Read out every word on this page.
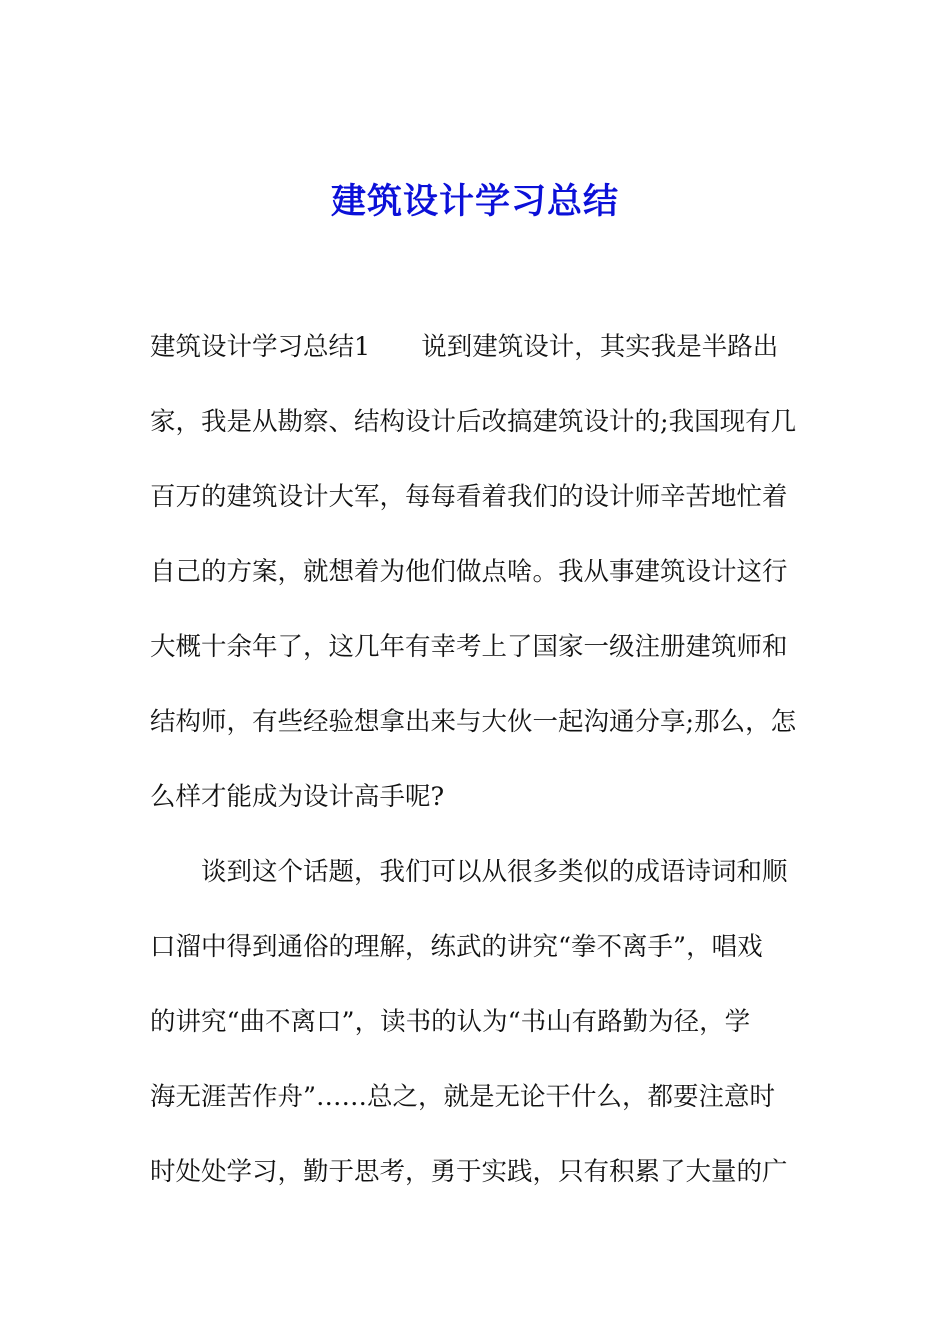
建筑设计学习总结

建筑设计学习总结1　　说到建筑设计，其实我是半路出

家，我是从勘察、结构设计后改搞建筑设计的;我国现有几

百万的建筑设计大军，每每看着我们的设计师辛苦地忙着

自己的方案，就想着为他们做点啥。我从事建筑设计这行

大概十余年了，这几年有幸考上了国家一级注册建筑师和

结构师，有些经验想拿出来与大伙一起沟通分享;那么，怎

么样才能成为设计高手呢?

　　谈到这个话题，我们可以从很多类似的成语诗词和顺

口溜中得到通俗的理解，练武的讲究“拳不离手”，唱戏

的讲究“曲不离口”，读书的认为“书山有路勤为径，学

海无涯苦作舟”……总之，就是无论干什么，都要注意时

时处处学习，勤于思考，勇于实践，只有积累了大量的广
